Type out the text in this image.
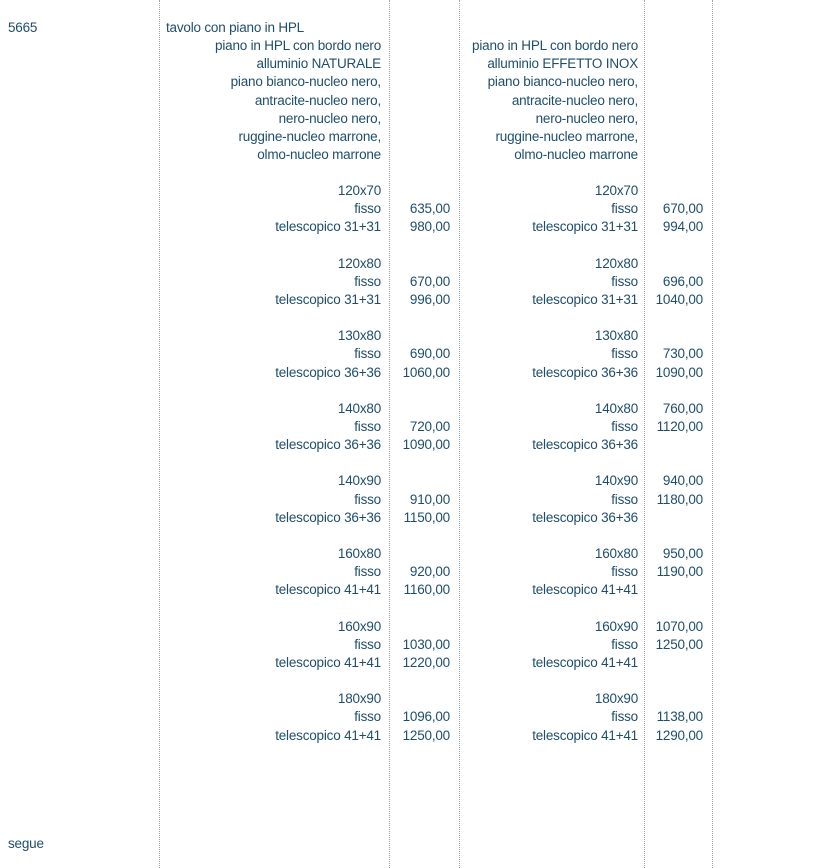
5665
segue
tavolo con piano in HPL
piano in HPL con bordo nero
alluminio NATURALE
piano bianco-nucleo nero,
antracite-nucleo nero,
nero-nucleo nero,
ruggine-nucleo marrone,
olmo-nucleo marrone
120x70
fisso 635,00
telescopico 31+31 980,00
120x80
fisso 670,00
telescopico 31+31 996,00
130x80
fisso 690,00
telescopico 36+36 1060,00
140x80
fisso 720,00
telescopico 36+36 1090,00
140x90
fisso 910,00
telescopico 36+36 1150,00
160x80
fisso 920,00
telescopico 41+41 1160,00
160x90
fisso 1030,00
telescopico 41+41 1220,00
180x90
fisso 1096,00
telescopico 41+41 1250,00
piano in HPL con bordo nero
alluminio EFFETTO INOX
piano bianco-nucleo nero,
antracite-nucleo nero,
nero-nucleo nero,
ruggine-nucleo marrone,
olmo-nucleo marrone
120x70
fisso 670,00
telescopico 31+31 994,00
120x80
fisso 696,00
telescopico 31+31 1040,00
130x80
fisso 730,00
telescopico 36+36 1090,00
140x80 760,00
fisso 1120,00
telescopico 36+36
140x90 940,00
fisso 1180,00
telescopico 36+36
160x80 950,00
fisso 1190,00
telescopico 41+41
160x90 1070,00
fisso 1250,00
telescopico 41+41
180x90
fisso 1138,00
telescopico 41+41 1290,00
